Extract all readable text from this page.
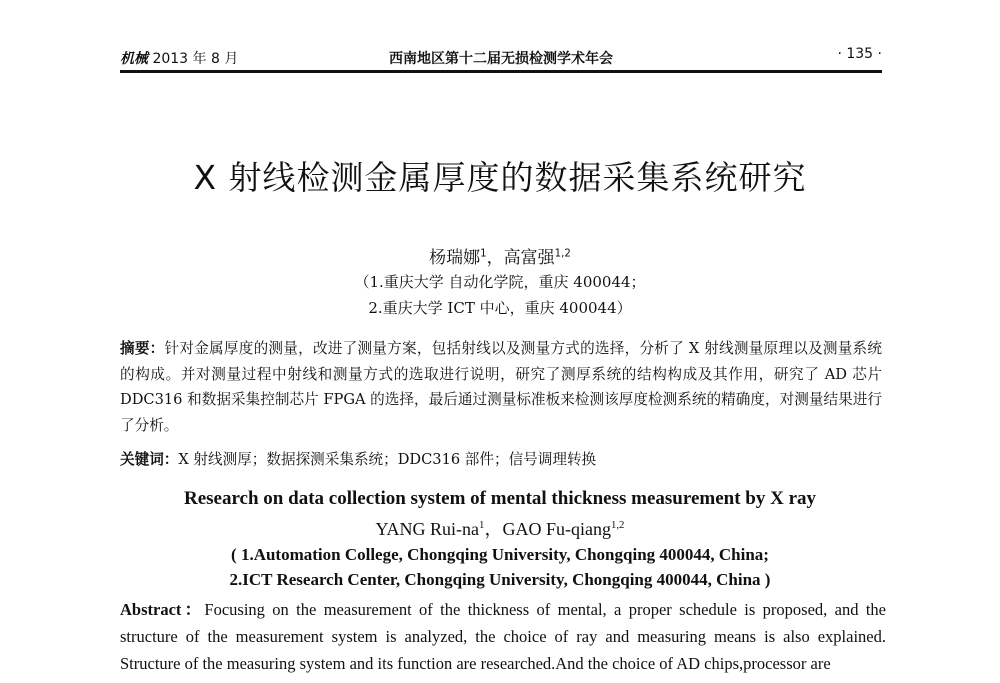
机械 2013 年 8 月	西南地区第十二届无损检测学术年会	· 135 ·
X 射线检测金属厚度的数据采集系统研究
杨瑞娜$^1$，高富强$^{1,2}$
（1.重庆大学 自动化学院，重庆 400044；
2.重庆大学 ICT 中心，重庆 400044）
摘要：针对金属厚度的测量，改进了测量方案，包括射线以及测量方式的选择，分析了 X 射线测量原理以及测量系统的构成。并对测量过程中射线和测量方式的选取进行说明，研究了测厚系统的结构构成及其作用，研究了 AD 芯片 DDC316 和数据采集控制芯片 FPGA 的选择，最后通过测量标准板来检测该厚度检测系统的精确度，对测量结果进行了分析。
关键词：X 射线测厚；数据探测采集系统；DDC316 部件；信号调理转换
Research on data collection system of mental thickness measurement by X ray
YANG Rui-$na^1$，GAO Fu-qiang$^{1,2}$
( 1.Automation College, Chongqing University, Chongqing 400044, China;
2.ICT Research Center, Chongqing University, Chongqing 400044, China )
Abstract：Focusing on the measurement of the thickness of mental, a proper schedule is proposed, and the structure of the measurement system is analyzed, the choice of ray and measuring means is also explained. Structure of the measuring system and its function are researched.And the choice of AD chips,processor are
